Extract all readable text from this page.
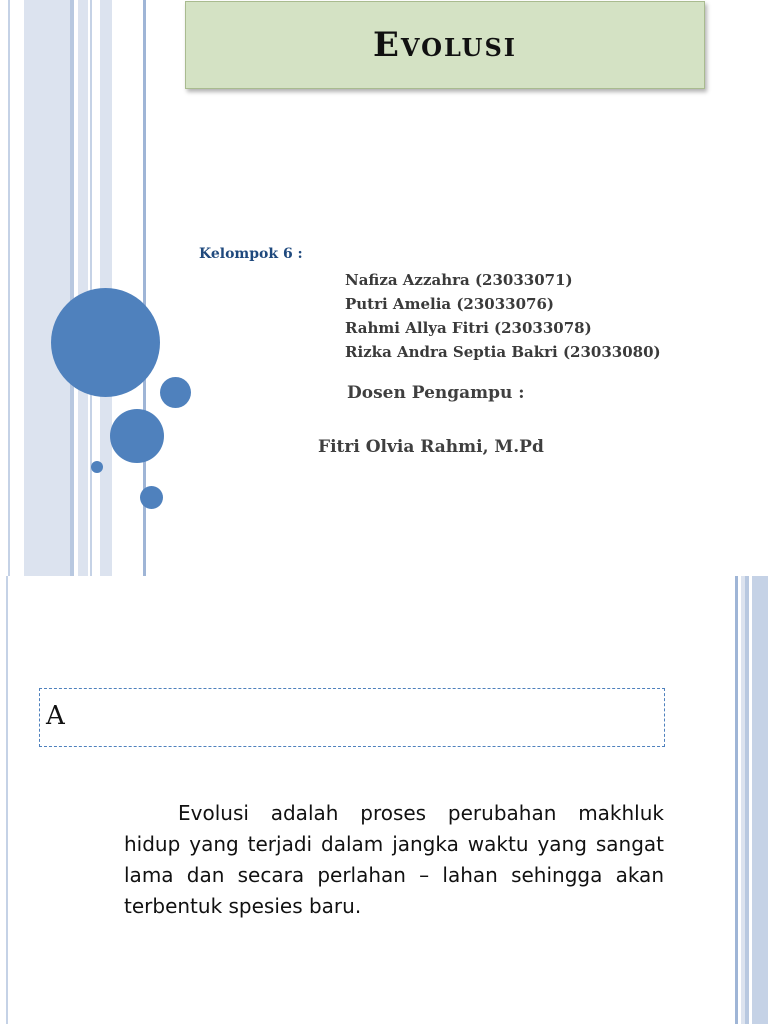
Evolusi
Kelompok 6 :
Nafiza Azzahra (23033071)
Putri Amelia (23033076)
Rahmi Allya Fitri (23033078)
Rizka Andra Septia Bakri (23033080)
Dosen Pengampu :
Fitri Olvia Rahmi, M.Pd
A

Evolusi adalah proses perubahan makhluk hidup yang terjadi dalam jangka waktu yang sangat lama dan secara perlahan – lahan sehingga akan terbentuk spesies baru.
